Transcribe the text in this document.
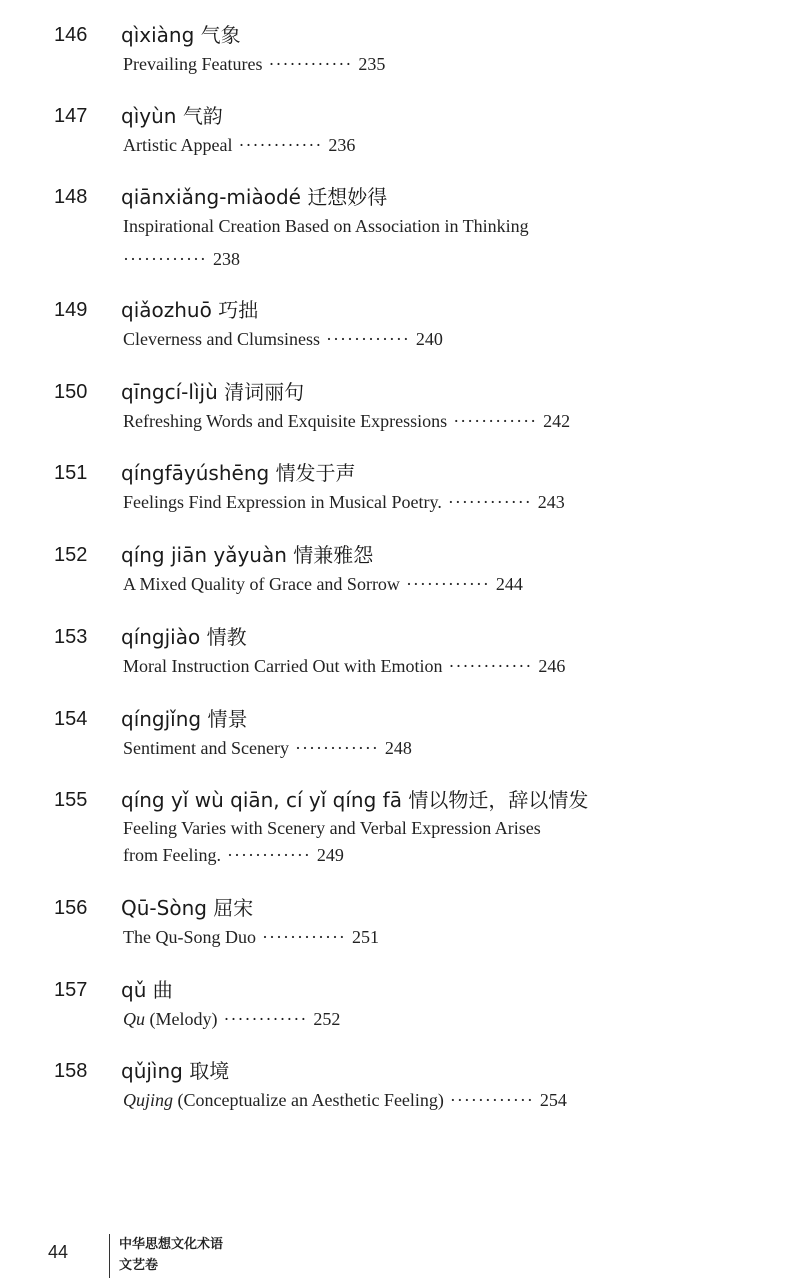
146 qìxiàng 气象
Prevailing Features ············ 235
147 qìyùn 气韵
Artistic Appeal ············ 236
148 qiānxiǎng-miàodé 迁想妙得
Inspirational Creation Based on Association in Thinking
············ 238
149 qiǎozhuō 巧拙
Cleverness and Clumsiness ············ 240
150 qīngcí-lìjù 清词丽句
Refreshing Words and Exquisite Expressions ············ 242
151 qíngfāyúshēng 情发于声
Feelings Find Expression in Musical Poetry. ············ 243
152 qíng jiān yǎyuàn 情兼雅怨
A Mixed Quality of Grace and Sorrow ············ 244
153 qíngjiào 情教
Moral Instruction Carried Out with Emotion ············ 246
154 qíngjǐng 情景
Sentiment and Scenery ············ 248
155 qíng yǐ wù qiān, cí yǐ qíng fā 情以物迁，辞以情发
Feeling Varies with Scenery and Verbal Expression Arises
from Feeling. ············ 249
156 Qū-Sòng 屈宋
The Qu-Song Duo ············ 251
157 qǔ 曲
Qu (Melody) ············ 252
158 qǔjìng 取境
Qujing (Conceptualize an Aesthetic Feeling) ············ 254
44	中华思想文化术语
文艺卷
